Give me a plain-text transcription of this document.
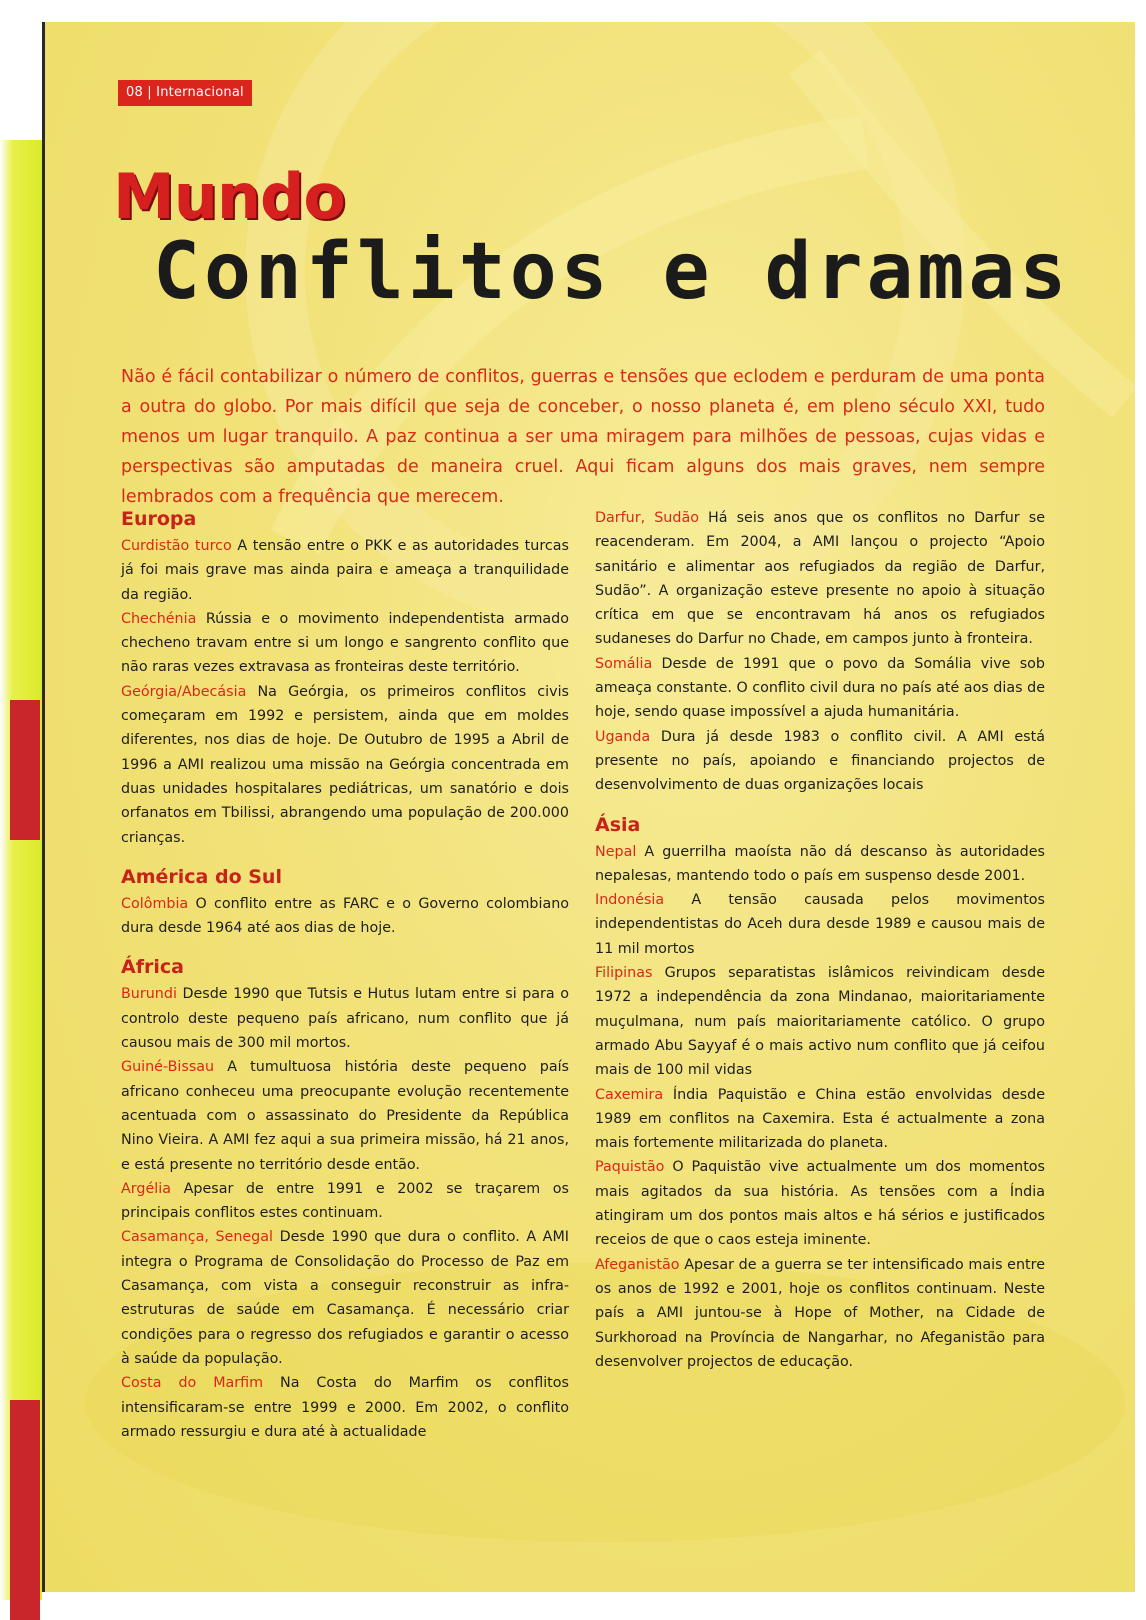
08 | Internacional
Mundo
Conflitos e dramas

Não é fácil contabilizar o número de conflitos, guerras e tensões que eclodem e perduram de uma ponta a outra do globo. Por mais difícil que seja de conceber, o nosso planeta é, em pleno século XXI, tudo menos um lugar tranquilo. A paz continua a ser uma miragem para milhões de pessoas, cujas vidas e perspectivas são amputadas de maneira cruel. Aqui ficam alguns dos mais graves, nem sempre lembrados com a frequência que merecem.

Europa

Curdistão turco A tensão entre o PKK e as autoridades turcas já foi mais grave mas ainda paira e ameaça a tranquilidade da região.

Chechénia Rússia e o movimento independentista armado checheno travam entre si um longo e sangrento conflito que não raras vezes extravasa as fronteiras deste território.

Geórgia/Abecásia Na Geórgia, os primeiros conflitos civis começaram em 1992 e persistem, ainda que em moldes diferentes, nos dias de hoje. De Outubro de 1995 a Abril de 1996 a AMI realizou uma missão na Geórgia concentrada em duas unidades hospitalares pediátricas, um sanatório e dois orfanatos em Tbilissi, abrangendo uma população de 200.000 crianças.

América do Sul

Colômbia O conflito entre as FARC e o Governo colombiano dura desde 1964 até aos dias de hoje.

África

Burundi Desde 1990 que Tutsis e Hutus lutam entre si para o controlo deste pequeno país africano, num conflito que já causou mais de 300 mil mortos.

Guiné-Bissau A tumultuosa história deste pequeno país africano conheceu uma preocupante evolução recentemente acentuada com o assassinato do Presidente da República Nino Vieira. A AMI fez aqui a sua primeira missão, há 21 anos, e está presente no território desde então.

Argélia Apesar de entre 1991 e 2002 se traçarem os principais conflitos estes continuam.

Casamança, Senegal Desde 1990 que dura o conflito. A AMI integra o Programa de Consolidação do Processo de Paz em Casamança, com vista a conseguir reconstruir as infra-estruturas de saúde em Casamança. É necessário criar condições para o regresso dos refugiados e garantir o acesso à saúde da população.

Costa do Marfim Na Costa do Marfim os conflitos intensificaram-se entre 1999 e 2000. Em 2002, o conflito armado ressurgiu e dura até à actualidade

Darfur, Sudão Há seis anos que os conflitos no Darfur se reacenderam. Em 2004, a AMI lançou o projecto “Apoio sanitário e alimentar aos refugiados da região de Darfur, Sudão”. A organização esteve presente no apoio à situação crítica em que se encontravam há anos os refugiados sudaneses do Darfur no Chade, em campos junto à fronteira.

Somália Desde de 1991 que o povo da Somália vive sob ameaça constante. O conflito civil dura no país até aos dias de hoje, sendo quase impossível a ajuda humanitária.

Uganda Dura já desde 1983 o conflito civil. A AMI está presente no país, apoiando e financiando projectos de desenvolvimento de duas organizações locais

Ásia

Nepal A guerrilha maoísta não dá descanso às autoridades nepalesas, mantendo todo o país em suspenso desde 2001.

Indonésia A tensão causada pelos movimentos independentistas do Aceh dura desde 1989 e causou mais de 11 mil mortos

Filipinas Grupos separatistas islâmicos reivindicam desde 1972 a independência da zona Mindanao, maioritariamente muçulmana, num país maioritariamente católico. O grupo armado Abu Sayyaf é o mais activo num conflito que já ceifou mais de 100 mil vidas

Caxemira Índia Paquistão e China estão envolvidas desde 1989 em conflitos na Caxemira. Esta é actualmente a zona mais fortemente militarizada do planeta.

Paquistão O Paquistão vive actualmente um dos momentos mais agitados da sua história. As tensões com a Índia atingiram um dos pontos mais altos e há sérios e justificados receios de que o caos esteja iminente.

Afeganistão Apesar de a guerra se ter intensificado mais entre os anos de 1992 e 2001, hoje os conflitos continuam. Neste país a AMI juntou-se à Hope of Mother, na Cidade de Surkhoroad na Província de Nangarhar, no Afeganistão para desenvolver projectos de educação.
